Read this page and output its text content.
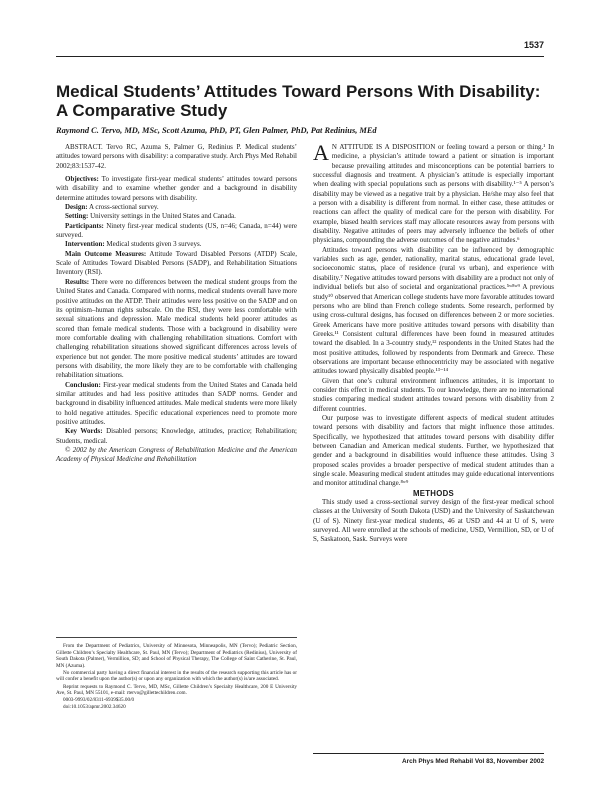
1537
Medical Students’ Attitudes Toward Persons With Disability: A Comparative Study
Raymond C. Tervo, MD, MSc, Scott Azuma, PhD, PT, Glen Palmer, PhD, Pat Redinius, MEd

ABSTRACT. Tervo RC, Azuma S, Palmer G, Redinius P. Medical students’ attitudes toward persons with disability: a comparative study. Arch Phys Med Rehabil 2002;83:1537-42.

Objectives: To investigate first-year medical students’ attitudes toward persons with disability and to examine whether gender and a background in disability determine attitudes toward persons with disability.

Design: A cross-sectional survey.

Setting: University settings in the United States and Canada.

Participants: Ninety first-year medical students (US, n=46; Canada, n=44) were surveyed.

Intervention: Medical students given 3 surveys.

Main Outcome Measures: Attitude Toward Disabled Persons (ATDP) Scale, Scale of Attitudes Toward Disabled Persons (SADP), and Rehabilitation Situations Inventory (RSI).

Results: There were no differences between the medical student groups from the United States and Canada. Compared with norms, medical students overall have more positive attitudes on the ATDP. Their attitudes were less positive on the SADP and on its optimism–human rights subscale. On the RSI, they were less comfortable with sexual situations and depression. Male medical students held poorer attitudes as scored than female medical students. Those with a background in disability were more comfortable dealing with challenging rehabilitation situations. Comfort with challenging rehabilitation situations showed significant differences across levels of experience but not gender. The more positive medical students’ attitudes are toward persons with disability, the more likely they are to be comfortable with challenging rehabilitation situations.

Conclusion: First-year medical students from the United States and Canada held similar attitudes and had less positive attitudes than SADP norms. Gender and background in disability influenced attitudes. Male medical students were more likely to hold negative attitudes. Specific educational experiences need to promote more positive attitudes.

Key Words: Disabled persons; Knowledge, attitudes, practice; Rehabilitation; Students, medical.

© 2002 by the American Congress of Rehabilitation Medicine and the American Academy of Physical Medicine and Rehabilitation

From the Department of Pediatrics, University of Minnesota, Minneapolis, MN (Tervo); Pediatric Section, Gillette Children’s Specialty Healthcare, St. Paul, MN (Tervo); Department of Pediatrics (Redinius), University of South Dakota (Palmer), Vermillion, SD; and School of Physical Therapy, The College of Saint Catherine, St. Paul, MN (Azuma).

No commercial party having a direct financial interest in the results of the research supporting this article has or will confer a benefit upon the author(s) or upon any organization with which the author(s) is/are associated.

Reprint requests to Raymond C. Tervo, MD, MSc, Gillette Children’s Specialty Healthcare, 200 E University Ave, St. Paul, MN 55101, e-mail: rtervo@gillettechildren.com.

0003-9993/02/8311-6939$35.00/0

doi:10.1053/apmr.2002.34620

A N ATTITUDE IS A DISPOSITION or feeling toward a person or thing.¹ In medicine, a physician’s attitude toward a patient or situation is important because prevailing attitudes and misconceptions can be potential barriers to successful diagnosis and treatment. A physician’s attitude is especially important when dealing with special populations such as persons with disability.¹⁻⁵ A person’s disability may be viewed as a negative trait by a physician. He/she may also feel that a person with a disability is different from normal. In either case, these attitudes or reactions can affect the quality of medical care for the person with disability. For example, biased health services staff may allocate resources away from persons with disability. Negative attitudes of peers may adversely influence the beliefs of other physicians, compounding the adverse outcomes of the negative attitudes.⁶

Attitudes toward persons with disability can be influenced by demographic variables such as age, gender, nationality, marital status, educational grade level, socioeconomic status, place of residence (rural vs urban), and experience with disability.⁷ Negative attitudes toward persons with disability are a product not only of individual beliefs but also of societal and organizational practices.⁵ʷ⁸ʷ⁹ A previous study¹⁰ observed that American college students have more favorable attitudes toward persons who are blind than French college students. Some research, performed by using cross-cultural designs, has focused on differences between 2 or more societies. Greek Americans have more positive attitudes toward persons with disability than Greeks.¹¹ Consistent cultural differences have been found in measured attitudes toward the disabled. In a 3-country study,¹² respondents in the United States had the most positive attitudes, followed by respondents from Denmark and Greece. These observations are important because ethnocentricity may be associated with negative attitudes toward physically disabled people.¹³⁻¹⁴

Given that one’s cultural environment influences attitudes, it is important to consider this effect in medical students. To our knowledge, there are no international studies comparing medical student attitudes toward persons with disability from 2 different countries.

Our purpose was to investigate different aspects of medical student attitudes toward persons with disability and factors that might influence those attitudes. Specifically, we hypothesized that attitudes toward persons with disability differ between Canadian and American medical students. Further, we hypothesized that gender and a background in disabilities would influence these attitudes. Using 3 proposed scales provides a broader perspective of medical student attitudes than a single scale. Measuring medical student attitudes may guide educational interventions and monitor attitudinal change.⁸ʷ⁹

METHODS

This study used a cross-sectional survey design of the first-year medical school classes at the University of South Dakota (USD) and the University of Saskatchewan (U of S). Ninety first-year medical students, 46 at USD and 44 at U of S, were surveyed. All were enrolled at the schools of medicine, USD, Vermillion, SD, or U of S, Saskatoon, Sask. Surveys were

Arch Phys Med Rehabil Vol 83, November 2002
